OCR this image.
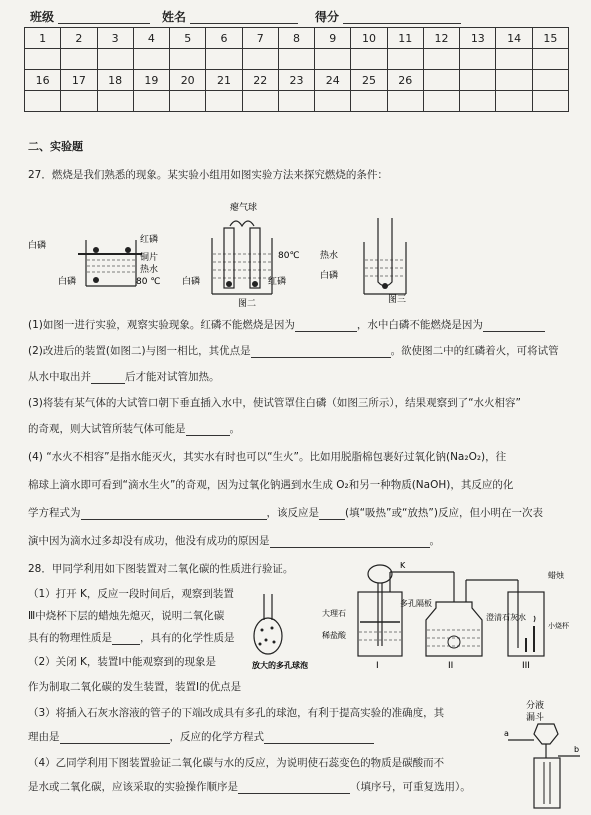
班级	姓名	得分
1	2	3	4	5	6	7	8	9	10	11	12	13	14	15

16	17	18	19	20	21	22	23	24	25	26				

二、实验题
27．燃烧是我们熟悉的现象。某实验小组用如图实验方法来探究燃烧的条件：
白磷
红磷
铜片
热水
80 ℃
白磷
瘪气球
80℃
白磷	红磷
图二
热水
白磷
图三
(1)如图一进行实验，观察实验现象。红磷不能燃烧是因为	，水中白磷不能燃烧是因为
(2)改进后的装置(如图二)与图一相比，其优点是	。欲使图二中的红磷着火，可将试管
从水中取出并	后才能对试管加热。
(3)将装有某气体的大试管口朝下垂直插入水中，使试管罩住白磷（如图三所示），结果观察到了“水火相容”
的奇观，则大试管所装气体可能是	。
(4) “水火不相容”是指水能灭火，其实水有时也可以“生火”。比如用脱脂棉包裹好过氧化钠(Na₂O₂)，往
棉球上滴水即可看到“滴水生火”的奇观，因为过氧化钠遇到水生成 O₂和另一种物质(NaOH)，其反应的化
学方程式为	，该反应是 (填“吸热”或“放热”)反应，但小明在一次表
演中因为滴水过多却没有成功，他没有成功的原因是	。
28．甲同学利用如下图装置对二氧化碳的性质进行验证。
（1）打开 K，反应一段时间后，观察到装置
Ⅲ中烧杯下层的蜡烛先熄灭，说明二氧化碳
具有的物理性质是	，具有的化学性质是
（2）关闭 K，装置Ⅰ中能观察到的现象是
作为制取二氧化碳的发生装置，装置Ⅰ的优点是
（3）将插入石灰水溶液的管子的下端改成具有多孔的球泡，有利于提高实验的准确度，其
理由是	，反应的化学方程式
（4）乙同学利用下图装置验证二氧化碳与水的反应，为说明使石蕊变色的物质是碳酸而不
是水或二氧化碳，应该采取的实验操作顺序是	（填序号，可重复选用）。
放大的多孔球泡
K
大理石
多孔隔板
稀盐酸
澄清石灰水
蜡烛
小烧杯
I	II	III
分液
漏斗
a
b
